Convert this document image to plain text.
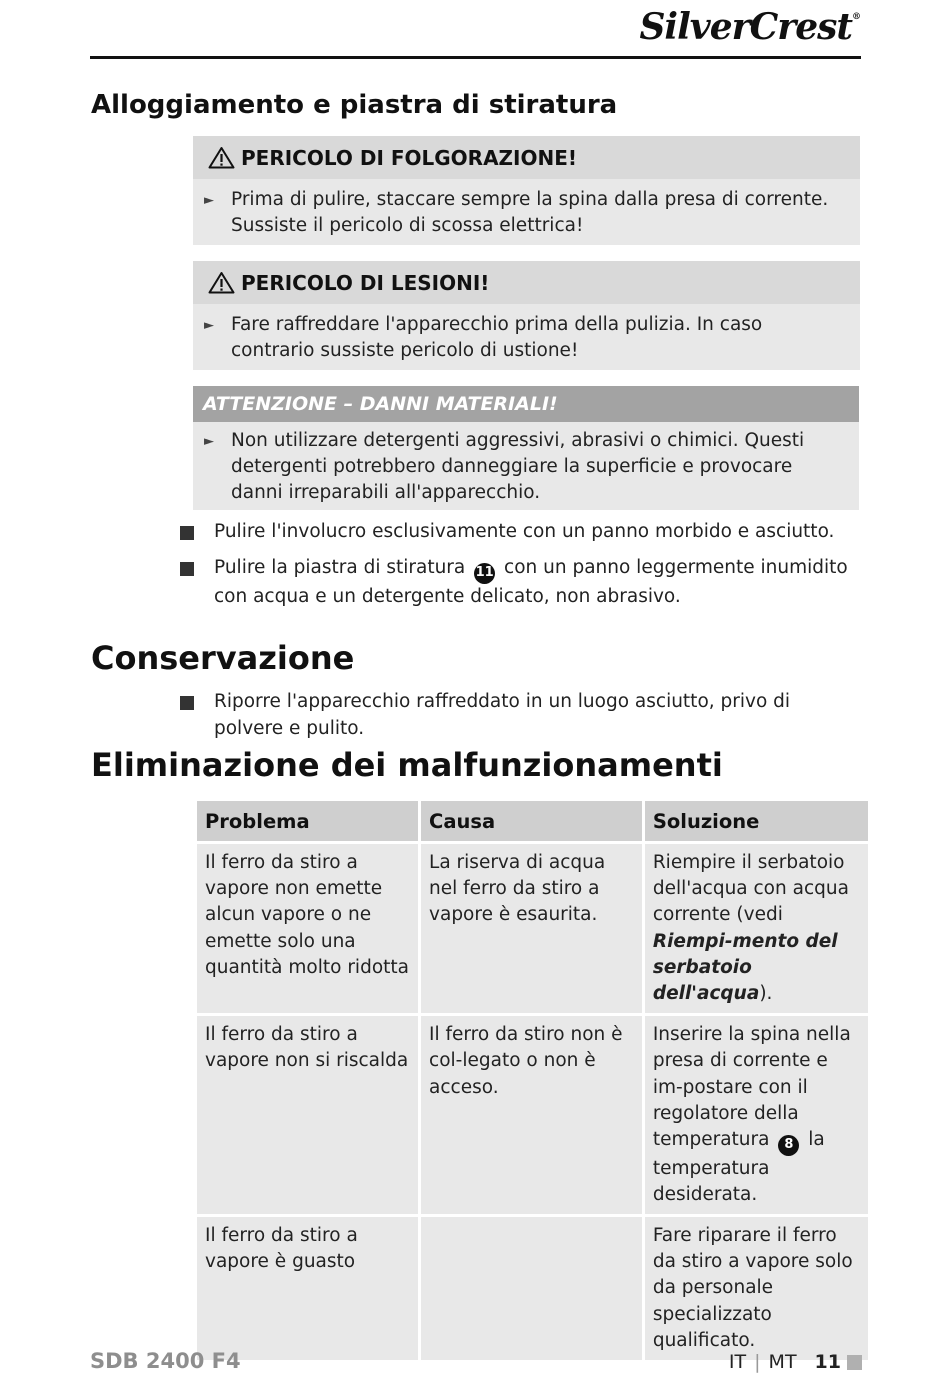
SilverCrest®
Alloggiamento e piastra di stiratura
PERICOLO DI FOLGORAZIONE!
► Prima di pulire, staccare sempre la spina dalla presa di corrente. Sussiste il pericolo di scossa elettrica!
PERICOLO DI LESIONI!
► Fare raffreddare l'apparecchio prima della pulizia. In caso contrario sussiste pericolo di ustione!
ATTENZIONE – DANNI MATERIALI!
► Non utilizzare detergenti aggressivi, abrasivi o chimici. Questi detergenti potrebbero danneggiare la superficie e provocare danni irreparabili all'apparecchio.
Pulire l'involucro esclusivamente con un panno morbido e asciutto.
Pulire la piastra di stiratura 11 con un panno leggermente inumidito con acqua e un detergente delicato, non abrasivo.
Conservazione
Riporre l'apparecchio raffreddato in un luogo asciutto, privo di polvere e pulito.
Eliminazione dei malfunzionamenti
Problema	Causa	Soluzione
Il ferro da stiro a vapore non emette alcun vapore o ne emette solo una quantità molto ridotta	La riserva di acqua nel ferro da stiro a vapore è esaurita.	Riempire il serbatoio dell'acqua con acqua corrente (vedi Riempi-mento del serbatoio dell'acqua).
Il ferro da stiro a vapore non si riscalda	Il ferro da stiro non è col-legato o non è acceso.	Inserire la spina nella presa di corrente e im-postare con il regolatore della temperatura 8 la temperatura desiderata.
Il ferro da stiro a vapore è guasto		Fare riparare il ferro da stiro a vapore solo da personale specializzato qualificato.
SDB 2400 F4	IT | MT 11
